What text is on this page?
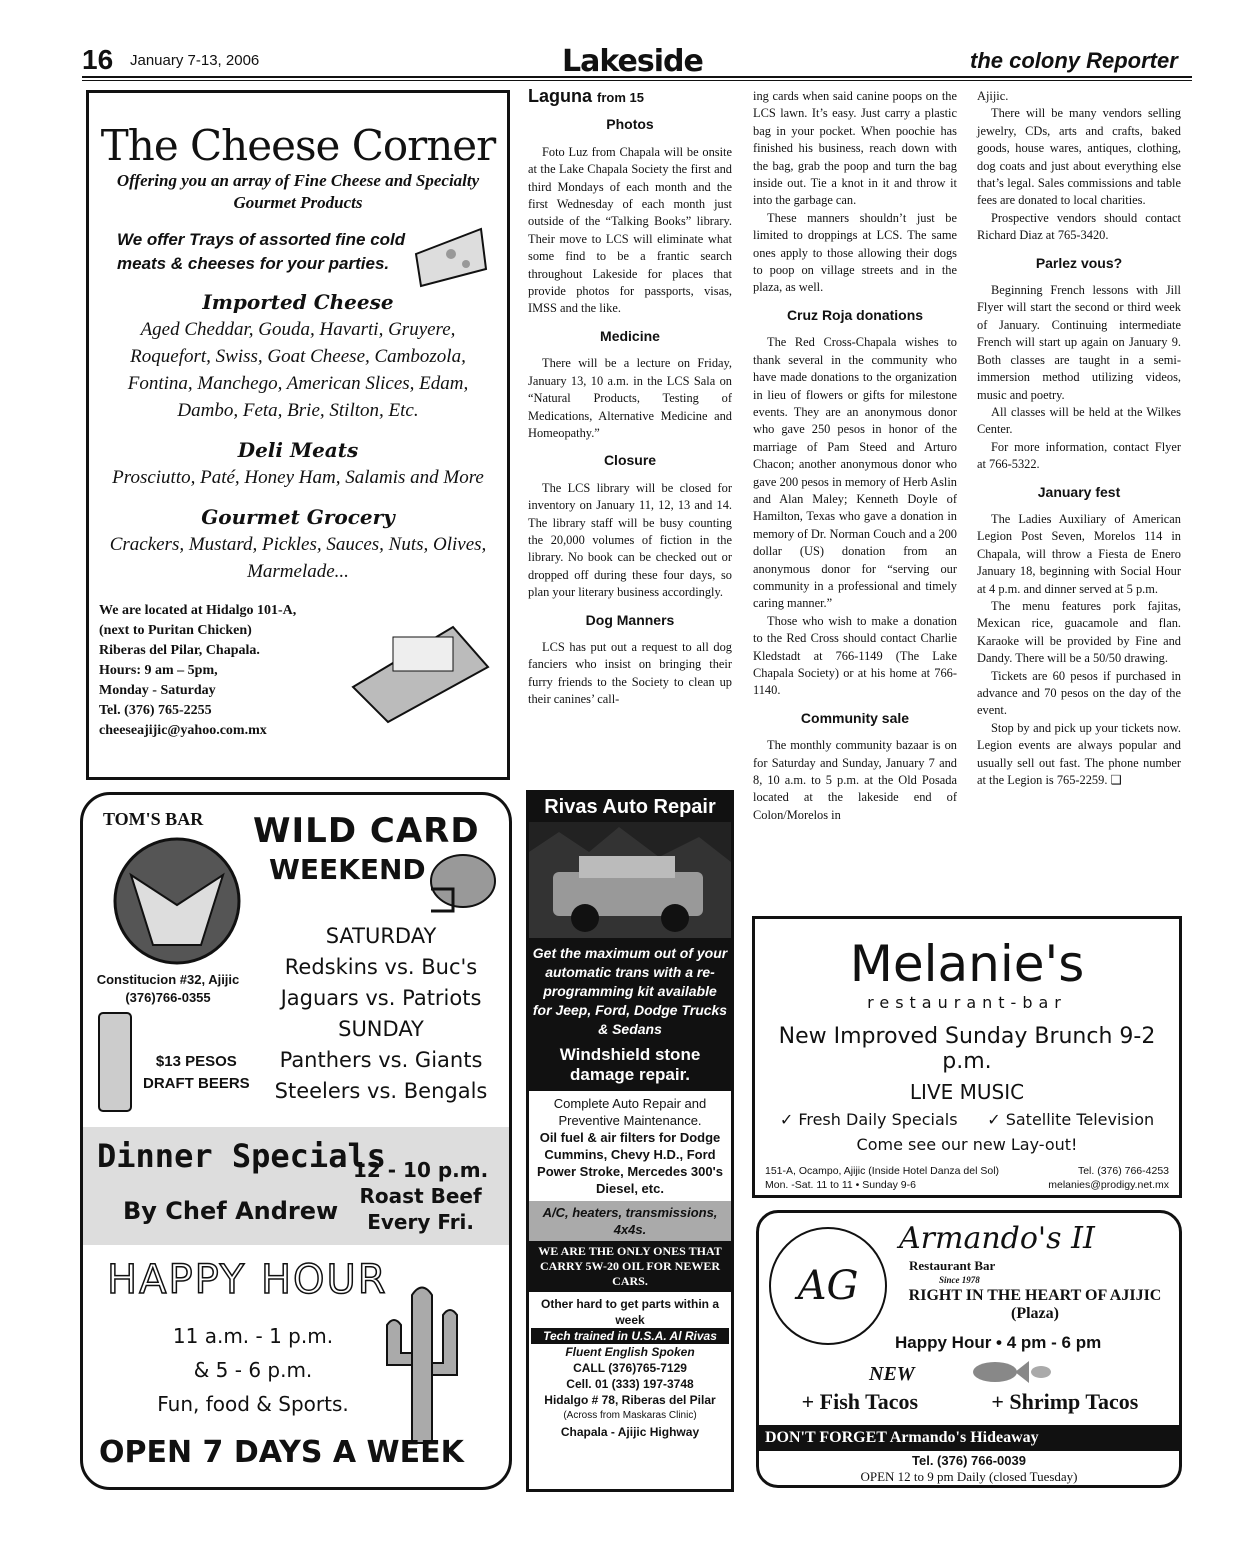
16 January 7-13, 2006	Lakeside	the colony Reporter
The Cheese Corner
Offering you an array of Fine Cheese and Specialty Gourmet Products
We offer Trays of assorted fine cold meats & cheeses for your parties.
Imported Cheese
Aged Cheddar, Gouda, Havarti, Gruyere, Roquefort, Swiss, Goat Cheese, Cambozola, Fontina, Manchego, American Slices, Edam, Dambo, Feta, Brie, Stilton, Etc.
Deli Meats
Prosciutto, Paté, Honey Ham, Salamis and More
Gourmet Grocery
Crackers, Mustard, Pickles, Sauces, Nuts, Olives, Marmelade...
We are located at Hidalgo 101-A,
(next to Puritan Chicken)
Riberas del Pilar, Chapala.
Hours: 9 am – 5pm,
Monday - Saturday
Tel. (376) 765-2255
cheeseajijic@yahoo.com.mx
TOM'S BAR WILD CARD
WEEKEND
SATURDAY
Redskins vs. Buc's
Jaguars vs. Patriots
SUNDAY
Panthers vs. Giants
Steelers vs. Bengals
Constitucion #32, Ajijic
(376)766-0355
$13 PESOS
DRAFT BEERS
Dinner Specials
By Chef Andrew
12 - 10 p.m.
Roast Beef
Every Fri.
HAPPY HOUR
11 a.m. - 1 p.m.
& 5 - 6 p.m.
Fun, food & Sports.
OPEN 7 DAYS A WEEK
Rivas Auto Repair
Get the maximum out of your automatic trans with a re-programming kit available for Jeep, Ford, Dodge Trucks & Sedans
Windshield stone damage repair.
Complete Auto Repair and Preventive Maintenance.
Oil fuel & air filters for Dodge Cummins, Chevy H.D., Ford Power Stroke, Mercedes 300's Diesel, etc.
A/C, heaters, transmissions, 4x4s.
WE ARE THE ONLY ONES THAT CARRY 5W-20 OIL FOR NEWER CARS.
Other hard to get parts within a week
Tech trained in U.S.A. Al Rivas
Fluent English Spoken
CALL (376)765-7129
Cell. 01 (333) 197-3748
Hidalgo # 78, Riberas del Pilar
(Across from Maskaras Clinic)
Chapala - Ajijic Highway
Laguna from 15
Photos

Foto Luz from Chapala will be onsite at the Lake Chapala Society the first and third Mondays of each month and the first Wednesday of each month just outside of the “Talking Books” library. Their move to LCS will eliminate what some find to be a frantic search throughout Lakeside for places that provide photos for passports, visas, IMSS and the like.

Medicine

There will be a lecture on Friday, January 13, 10 a.m. in the LCS Sala on “Natural Products, Testing of Medications, Alternative Medicine and Homeopathy.”

Closure

The LCS library will be closed for inventory on January 11, 12, 13 and 14. The library staff will be busy counting the 20,000 volumes of fiction in the library. No book can be checked out or dropped off during these four days, so plan your literary business accordingly.

Dog Manners

LCS has put out a request to all dog fanciers who insist on bringing their furry friends to the Society to clean up their canines’ call-

ing cards when said canine poops on the LCS lawn. It’s easy. Just carry a plastic bag in your pocket. When poochie has finished his business, reach down with the bag, grab the poop and turn the bag inside out. Tie a knot in it and throw it into the garbage can.

These manners shouldn’t just be limited to droppings at LCS. The same ones apply to those allowing their dogs to poop on village streets and in the plaza, as well.

Cruz Roja donations

The Red Cross-Chapala wishes to thank several in the community who have made donations to the organization in lieu of flowers or gifts for milestone events. They are an anonymous donor who gave 250 pesos in honor of the marriage of Pam Steed and Arturo Chacon; another anonymous donor who gave 200 pesos in memory of Herb Aslin and Alan Maley; Kenneth Doyle of Hamilton, Texas who gave a donation in memory of Dr. Norman Couch and a 200 dollar (US) donation from an anonymous donor for “serving our community in a professional and timely caring manner.”

Those who wish to make a donation to the Red Cross should contact Charlie Kledstadt at 766-1149 (The Lake Chapala Society) or at his home at 766-1140.

Community sale

The monthly community bazaar is on for Saturday and Sunday, January 7 and 8, 10 a.m. to 5 p.m. at the Old Posada located at the lakeside end of Colon/Morelos in

Ajijic.

There will be many vendors selling jewelry, CDs, arts and crafts, baked goods, house wares, antiques, clothing, dog coats and just about everything else that’s legal. Sales commissions and table fees are donated to local charities.

Prospective vendors should contact Richard Diaz at 765-3420.

Parlez vous?

Beginning French lessons with Jill Flyer will start the second or third week of January. Continuing intermediate French will start up again on January 9. Both classes are taught in a semi-immersion method utilizing videos, music and poetry.

All classes will be held at the Wilkes Center.

For more information, contact Flyer at 766-5322.

January fest

The Ladies Auxiliary of American Legion Post Seven, Morelos 114 in Chapala, will throw a Fiesta de Enero January 18, beginning with Social Hour at 4 p.m. and dinner served at 5 p.m.

The menu features pork fajitas, Mexican rice, guacamole and flan. Karaoke will be provided by Fine and Dandy. There will be a 50/50 drawing.

Tickets are 60 pesos if purchased in advance and 70 pesos on the day of the event.

Stop by and pick up your tickets now. Legion events are always popular and usually sell out fast. The phone number at the Legion is 765-2259. ❑

Melanie's
restaurant-bar
New Improved Sunday Brunch 9-2 p.m.
LIVE MUSIC
✓ Fresh Daily Specials ✓ Satellite Television
Come see our new Lay-out!
151-A, Ocampo, Ajijic (Inside Hotel Danza del Sol)
Mon. -Sat. 11 to 11 • Sunday 9-6
Tel. (376) 766-4253
melanies@prodigy.net.mx
AG
Armando's II
Restaurant Bar
Since 1978
RIGHT IN THE HEART OF AJIJIC (Plaza)
Happy Hour • 4 pm - 6 pm
NEW
+ Fish Tacos	+ Shrimp Tacos
DON'T FORGET Armando's Hideaway
Tel. (376) 766-0039
OPEN 12 to 9 pm Daily (closed Tuesday)
